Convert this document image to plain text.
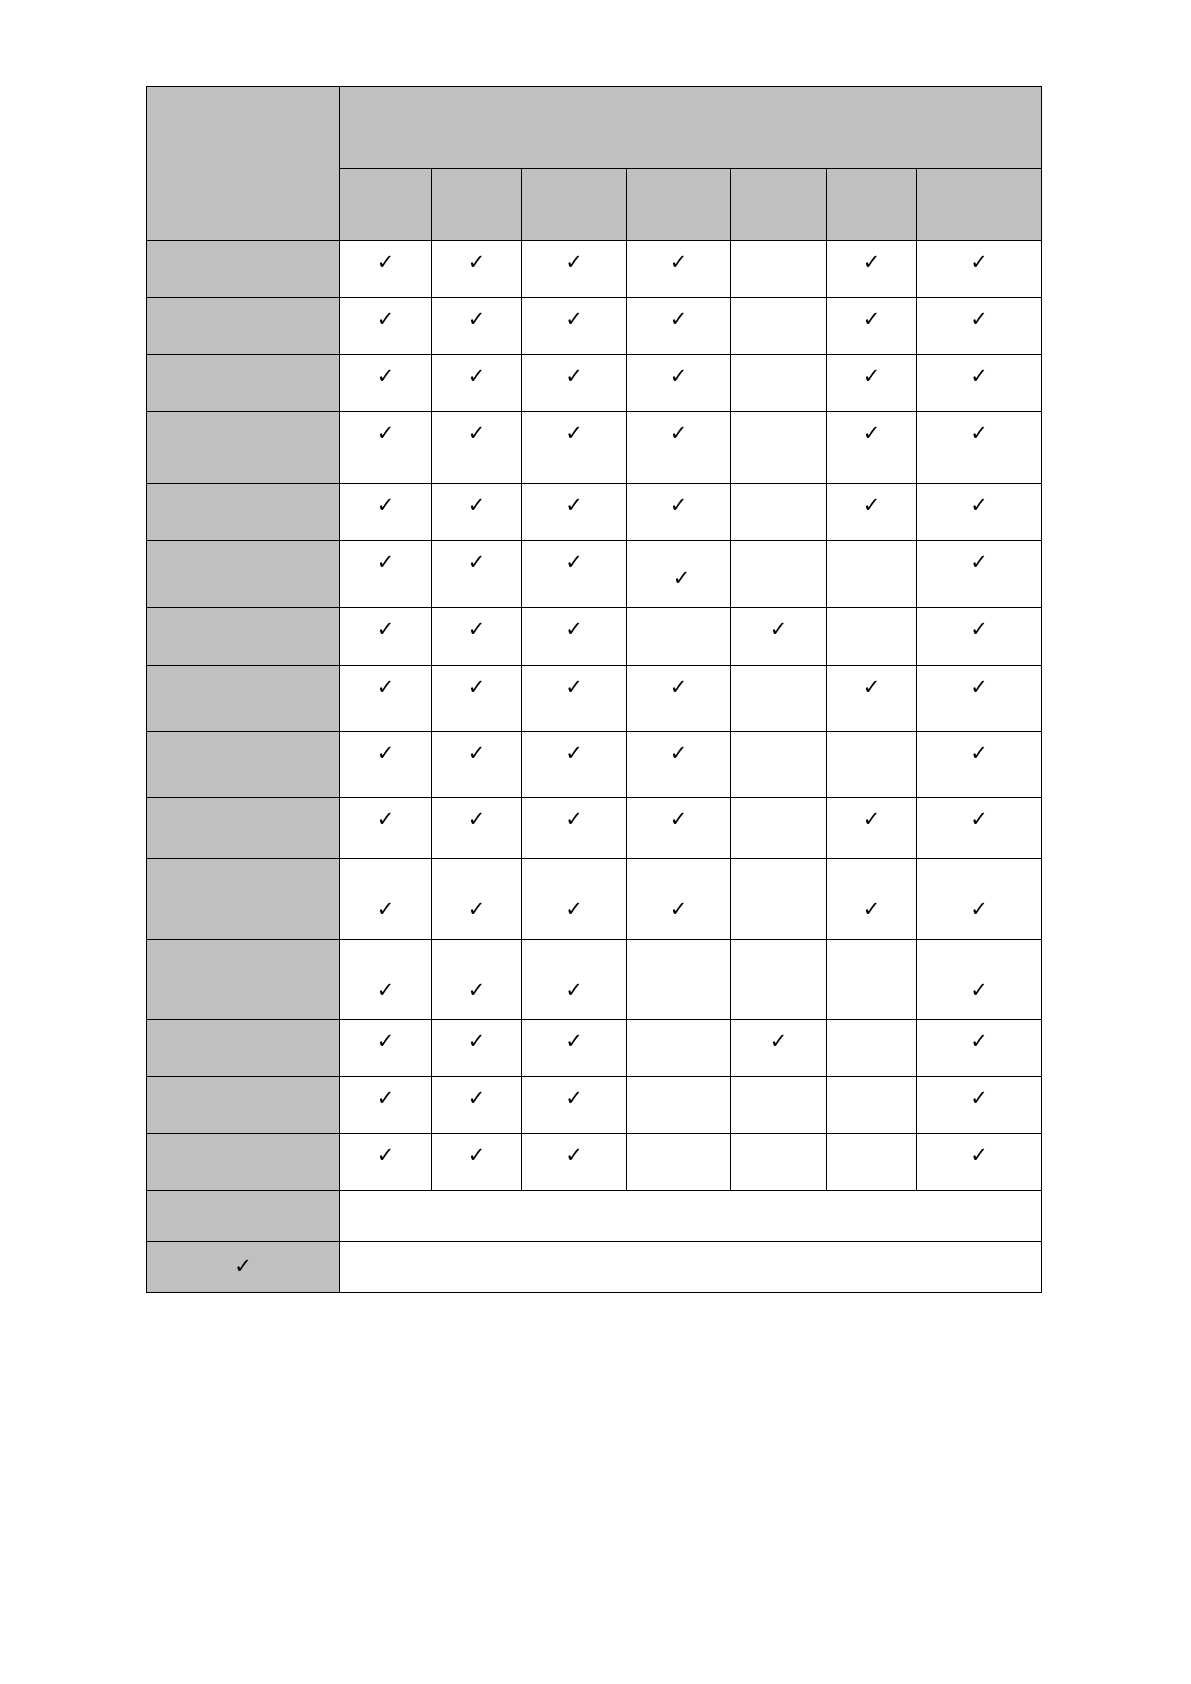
	✓	✓	✓	✓		✓	✓
	✓	✓	✓	✓		✓	✓
	✓	✓	✓	✓		✓	✓
	✓	✓	✓	✓		✓	✓
	✓	✓	✓	✓		✓	✓
	✓	✓	✓	✓			✓
	✓	✓	✓		✓		✓
	✓	✓	✓	✓		✓	✓
	✓	✓	✓	✓			✓
	✓	✓	✓	✓		✓	✓
	✓	✓	✓	✓		✓	✓
	✓	✓	✓				✓
	✓	✓	✓		✓		✓
	✓	✓	✓				✓
	✓	✓	✓				✓

✓							
